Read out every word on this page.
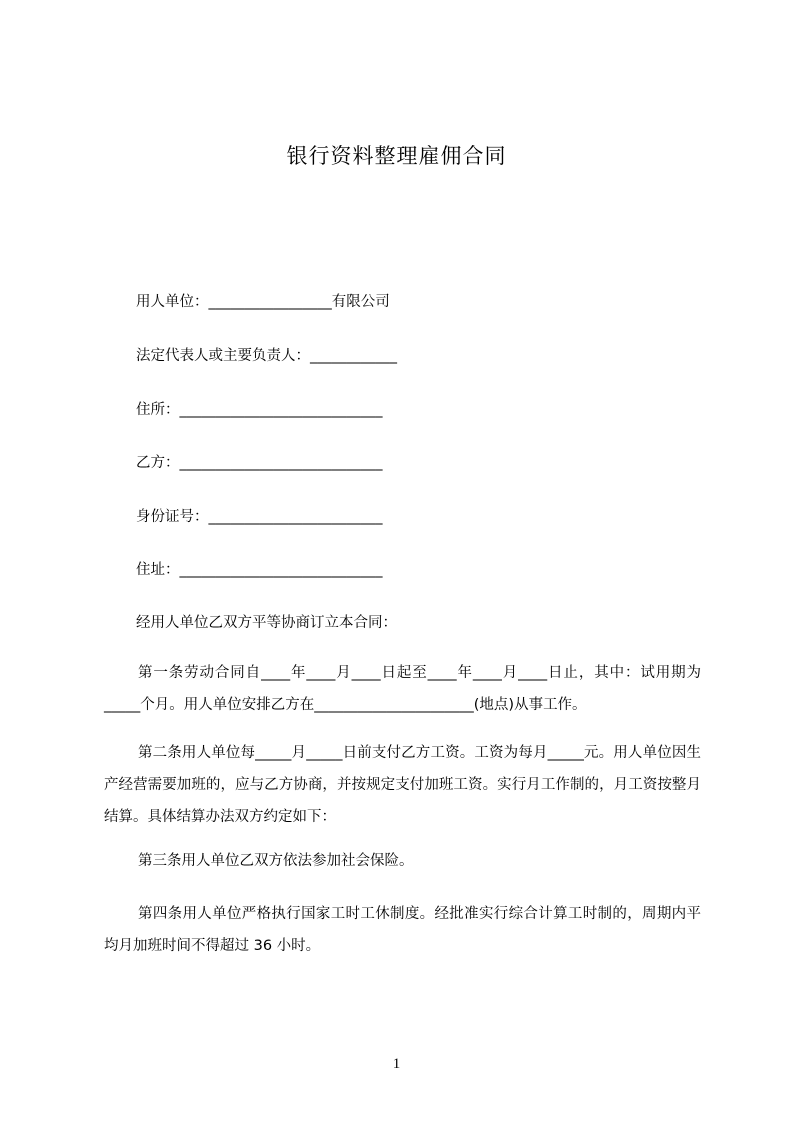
银行资料整理雇佣合同
用人单位：_________________有限公司
法定代表人或主要负责人：____________
住所：____________________________
乙方：____________________________
身份证号：________________________
住址：____________________________
经用人单位乙双方平等协商订立本合同：

第一条劳动合同自____年____月____日起至____年____月____日止，其中：试用期为_____个月。用人单位安排乙方在______________________(地点)从事工作。

第二条用人单位每_____月_____日前支付乙方工资。工资为每月_____元。用人单位因生产经营需要加班的，应与乙方协商，并按规定支付加班工资。实行月工作制的，月工资按整月结算。具体结算办法双方约定如下：

第三条用人单位乙双方依法参加社会保险。

第四条用人单位严格执行国家工时工休制度。经批准实行综合计算工时制的，周期内平均月加班时间不得超过 36 小时。

1
